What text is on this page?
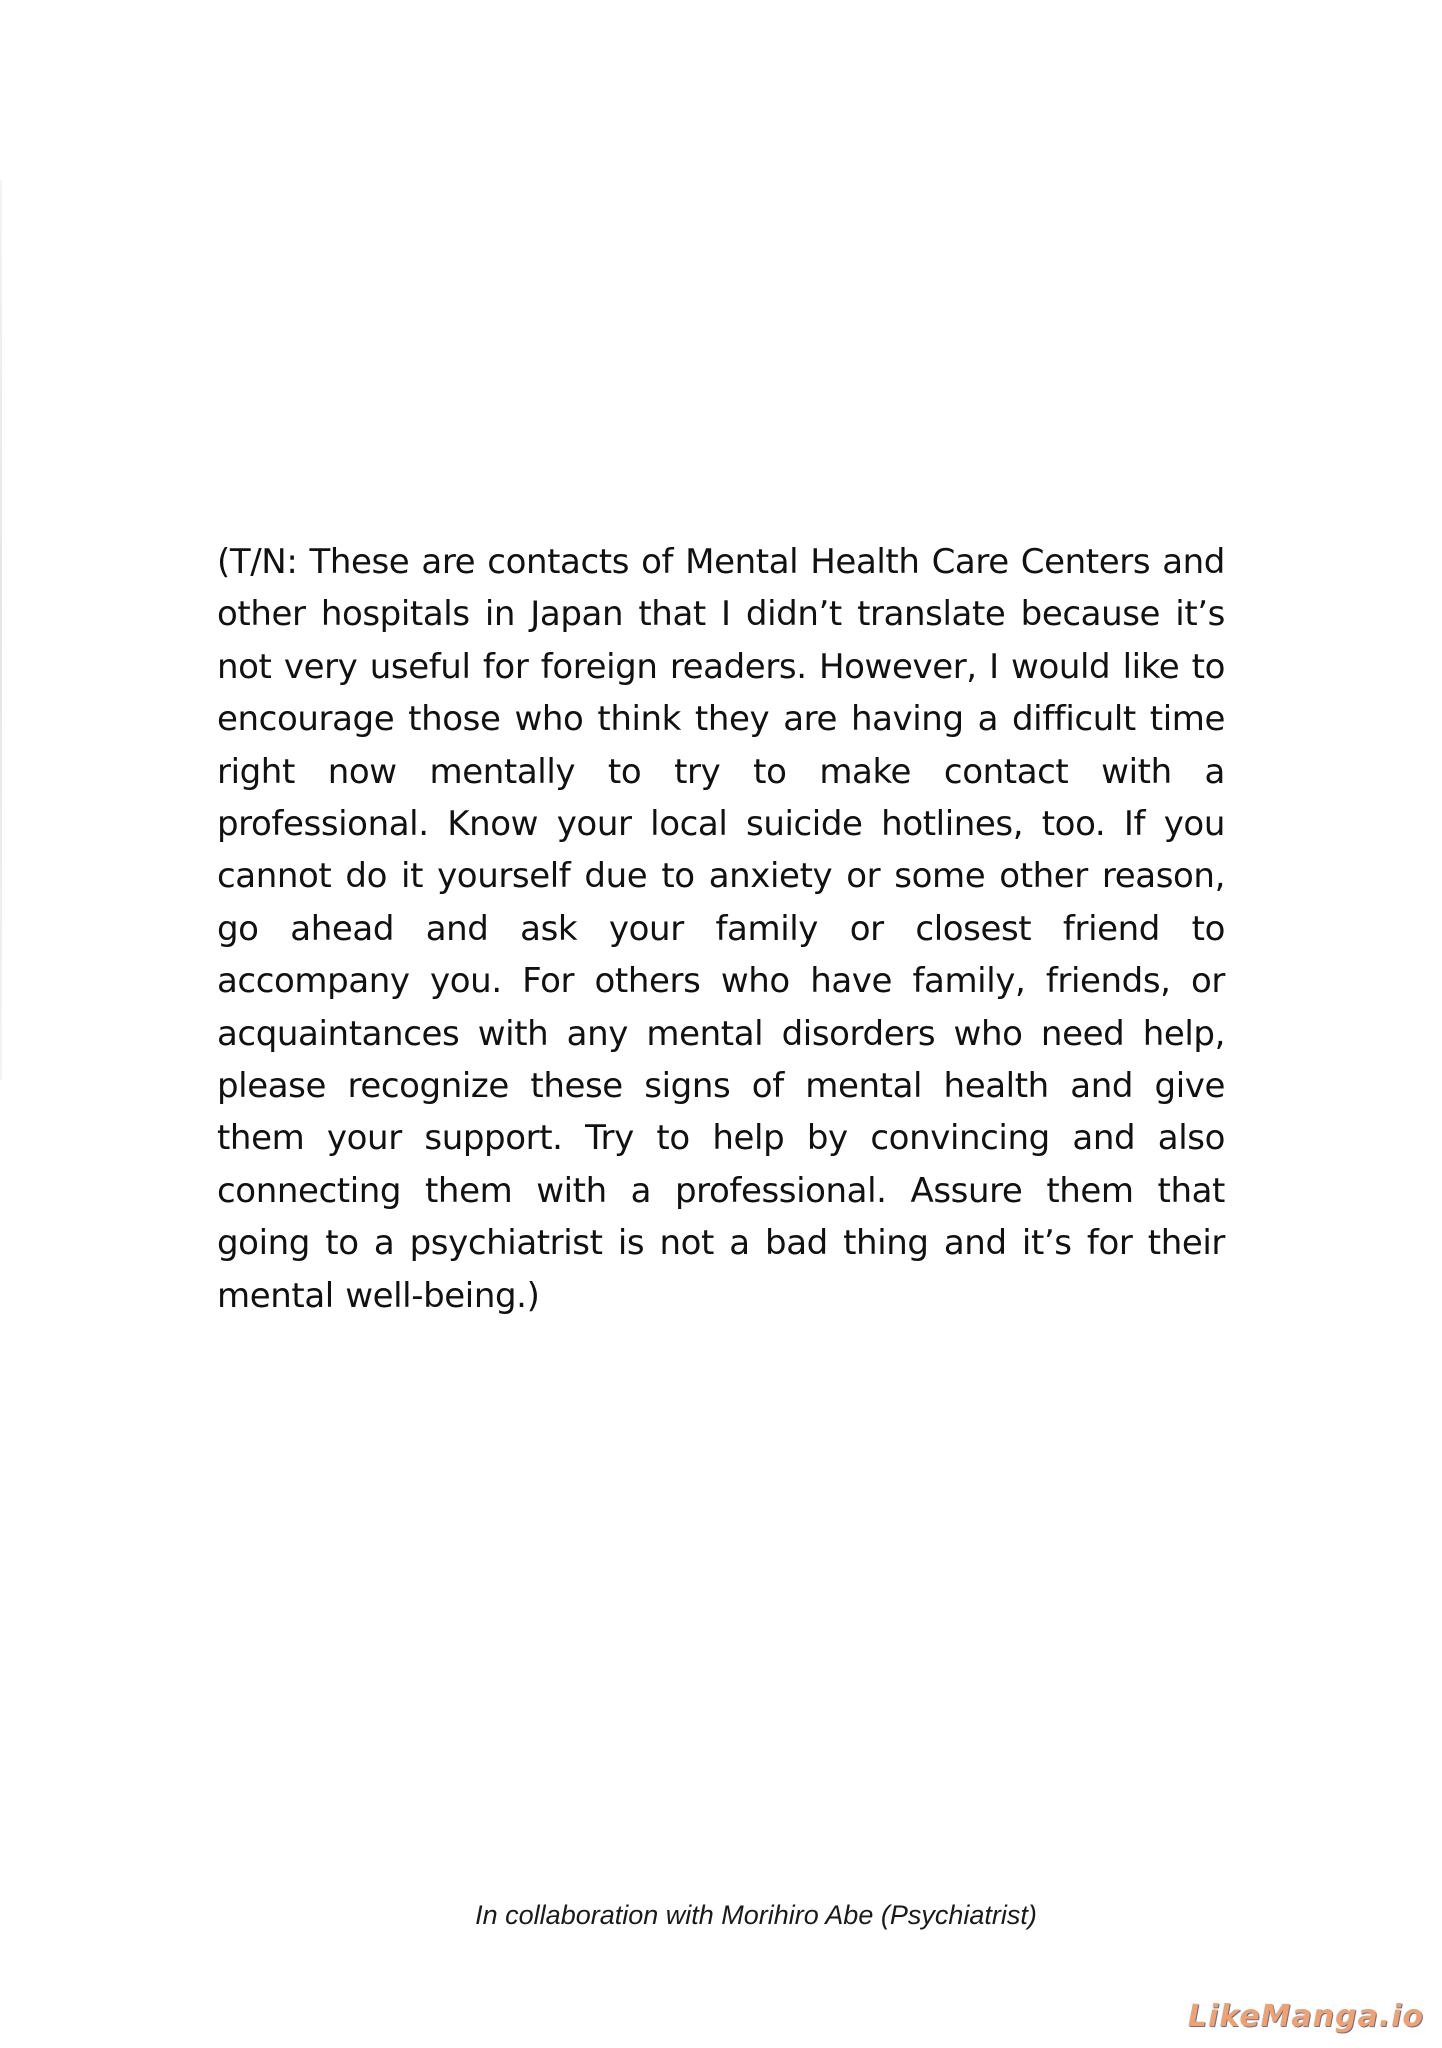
(T/N: These are contacts of Mental Health Care Centers and other hospitals in Japan that I didn’t translate because it’s not very useful for foreign readers. However, I would like to encourage those who think they are having a difficult time right now mentally to try to make contact with a professional. Know your local suicide hotlines, too. If you cannot do it yourself due to anxiety or some other reason, go ahead and ask your family or closest friend to accompany you. For others who have family, friends, or acquaintances with any mental disorders who need help, please recognize these signs of mental health and give them your support. Try to help by convincing and also connecting them with a professional. Assure them that going to a psychiatrist is not a bad thing and it’s for their mental well-being.)

In collaboration with Morihiro Abe (Psychiatrist)
LikeManga.io
